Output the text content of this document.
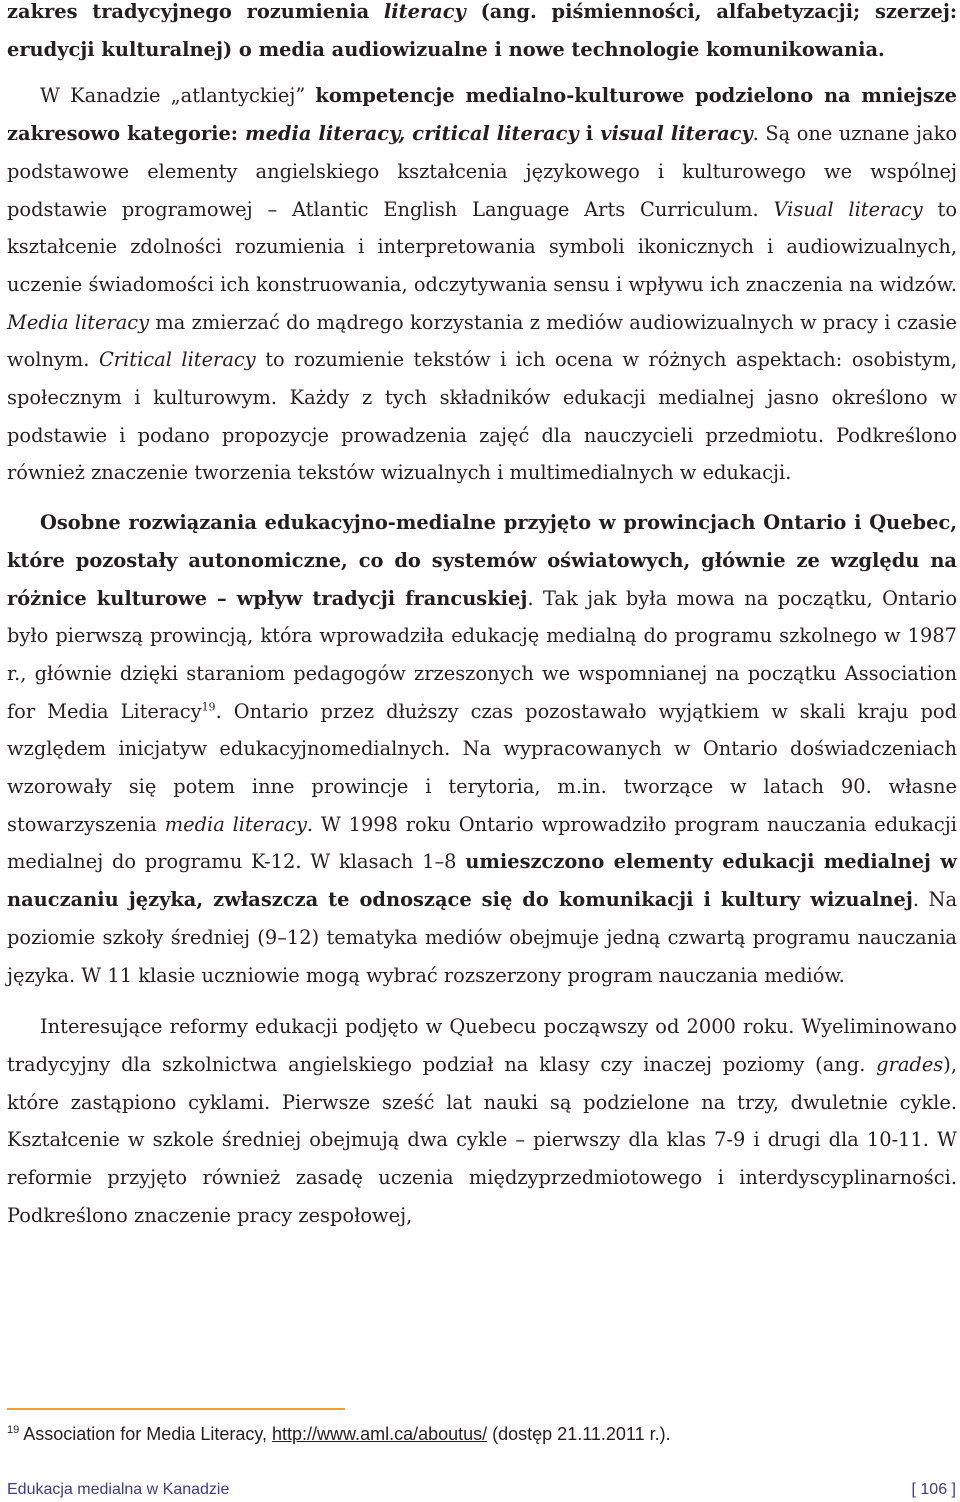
zakres tradycyjnego rozumienia literacy (ang. piśmienności, alfabetyzacji; szerzej: erudycji kulturalnej) o media audiowizualne i nowe technologie komunikowania.

W Kanadzie „atlantyckiej” kompetencje medialno-kulturowe podzielono na mniejsze zakresowo kategorie: media literacy, critical literacy i visual literacy. Są one uznane jako podstawowe elementy angielskiego kształcenia językowego i kulturowego we wspólnej podstawie programowej – Atlantic English Language Arts Curriculum. Visual literacy to kształcenie zdolności rozumienia i interpretowania symboli ikonicznych i audiowizualnych, uczenie świadomości ich konstruowania, odczytywania sensu i wpływu ich znaczenia na widzów. Media literacy ma zmierzać do mądrego korzystania z mediów audiowizualnych w pracy i czasie wolnym. Critical literacy to rozumienie tekstów i ich ocena w różnych aspektach: osobistym, społecznym i kulturowym. Każdy z tych składników edukacji medialnej jasno określono w podstawie i podano propozycje prowadzenia zajęć dla nauczycieli przedmiotu. Podkreślono również znaczenie tworzenia tekstów wizualnych i multimedialnych w edukacji.

Osobne rozwiązania edukacyjno-medialne przyjęto w prowincjach Ontario i Quebec, które pozostały autonomiczne, co do systemów oświatowych, głównie ze względu na różnice kulturowe – wpływ tradycji francuskiej. Tak jak była mowa na początku, Ontario było pierwszą prowincją, która wprowadziła edukację medialną do programu szkolnego w 1987 r., głównie dzięki staraniom pedagogów zrzeszonych we wspomnianej na początku Association for Media Literacy$^{19}$. Ontario przez dłuższy czas pozostawało wyjątkiem w skali kraju pod względem inicjatyw edukacyjnomedialnych. Na wypracowanych w Ontario doświadczeniach wzorowały się potem inne prowincje i terytoria, m.in. tworzące w latach 90. własne stowarzyszenia media literacy. W 1998 roku Ontario wprowadziło program nauczania edukacji medialnej do programu K-12. W klasach 1–8 umieszczono elementy edukacji medialnej w nauczaniu języka, zwłaszcza te odnoszące się do komunikacji i kultury wizualnej. Na poziomie szkoły średniej (9–12) tematyka mediów obejmuje jedną czwartą programu nauczania języka. W 11 klasie uczniowie mogą wybrać rozszerzony program nauczania mediów.

Interesujące reformy edukacji podjęto w Quebecu począwszy od 2000 roku. Wyeliminowano tradycyjny dla szkolnictwa angielskiego podział na klasy czy inaczej poziomy (ang. grades), które zastąpiono cyklami. Pierwsze sześć lat nauki są podzielone na trzy, dwuletnie cykle. Kształcenie w szkole średniej obejmują dwa cykle – pierwszy dla klas 7-9 i drugi dla 10-11. W reformie przyjęto również zasadę uczenia międzyprzedmiotowego i interdyscyplinarności. Podkreślono znaczenie pracy zespołowej,

$^{19}$ Association for Media Literacy, http://www.aml.ca/aboutus/ (dostęp 21.11.2011 r.).
Edukacja medialna w Kanadzie	[ 106 ]
